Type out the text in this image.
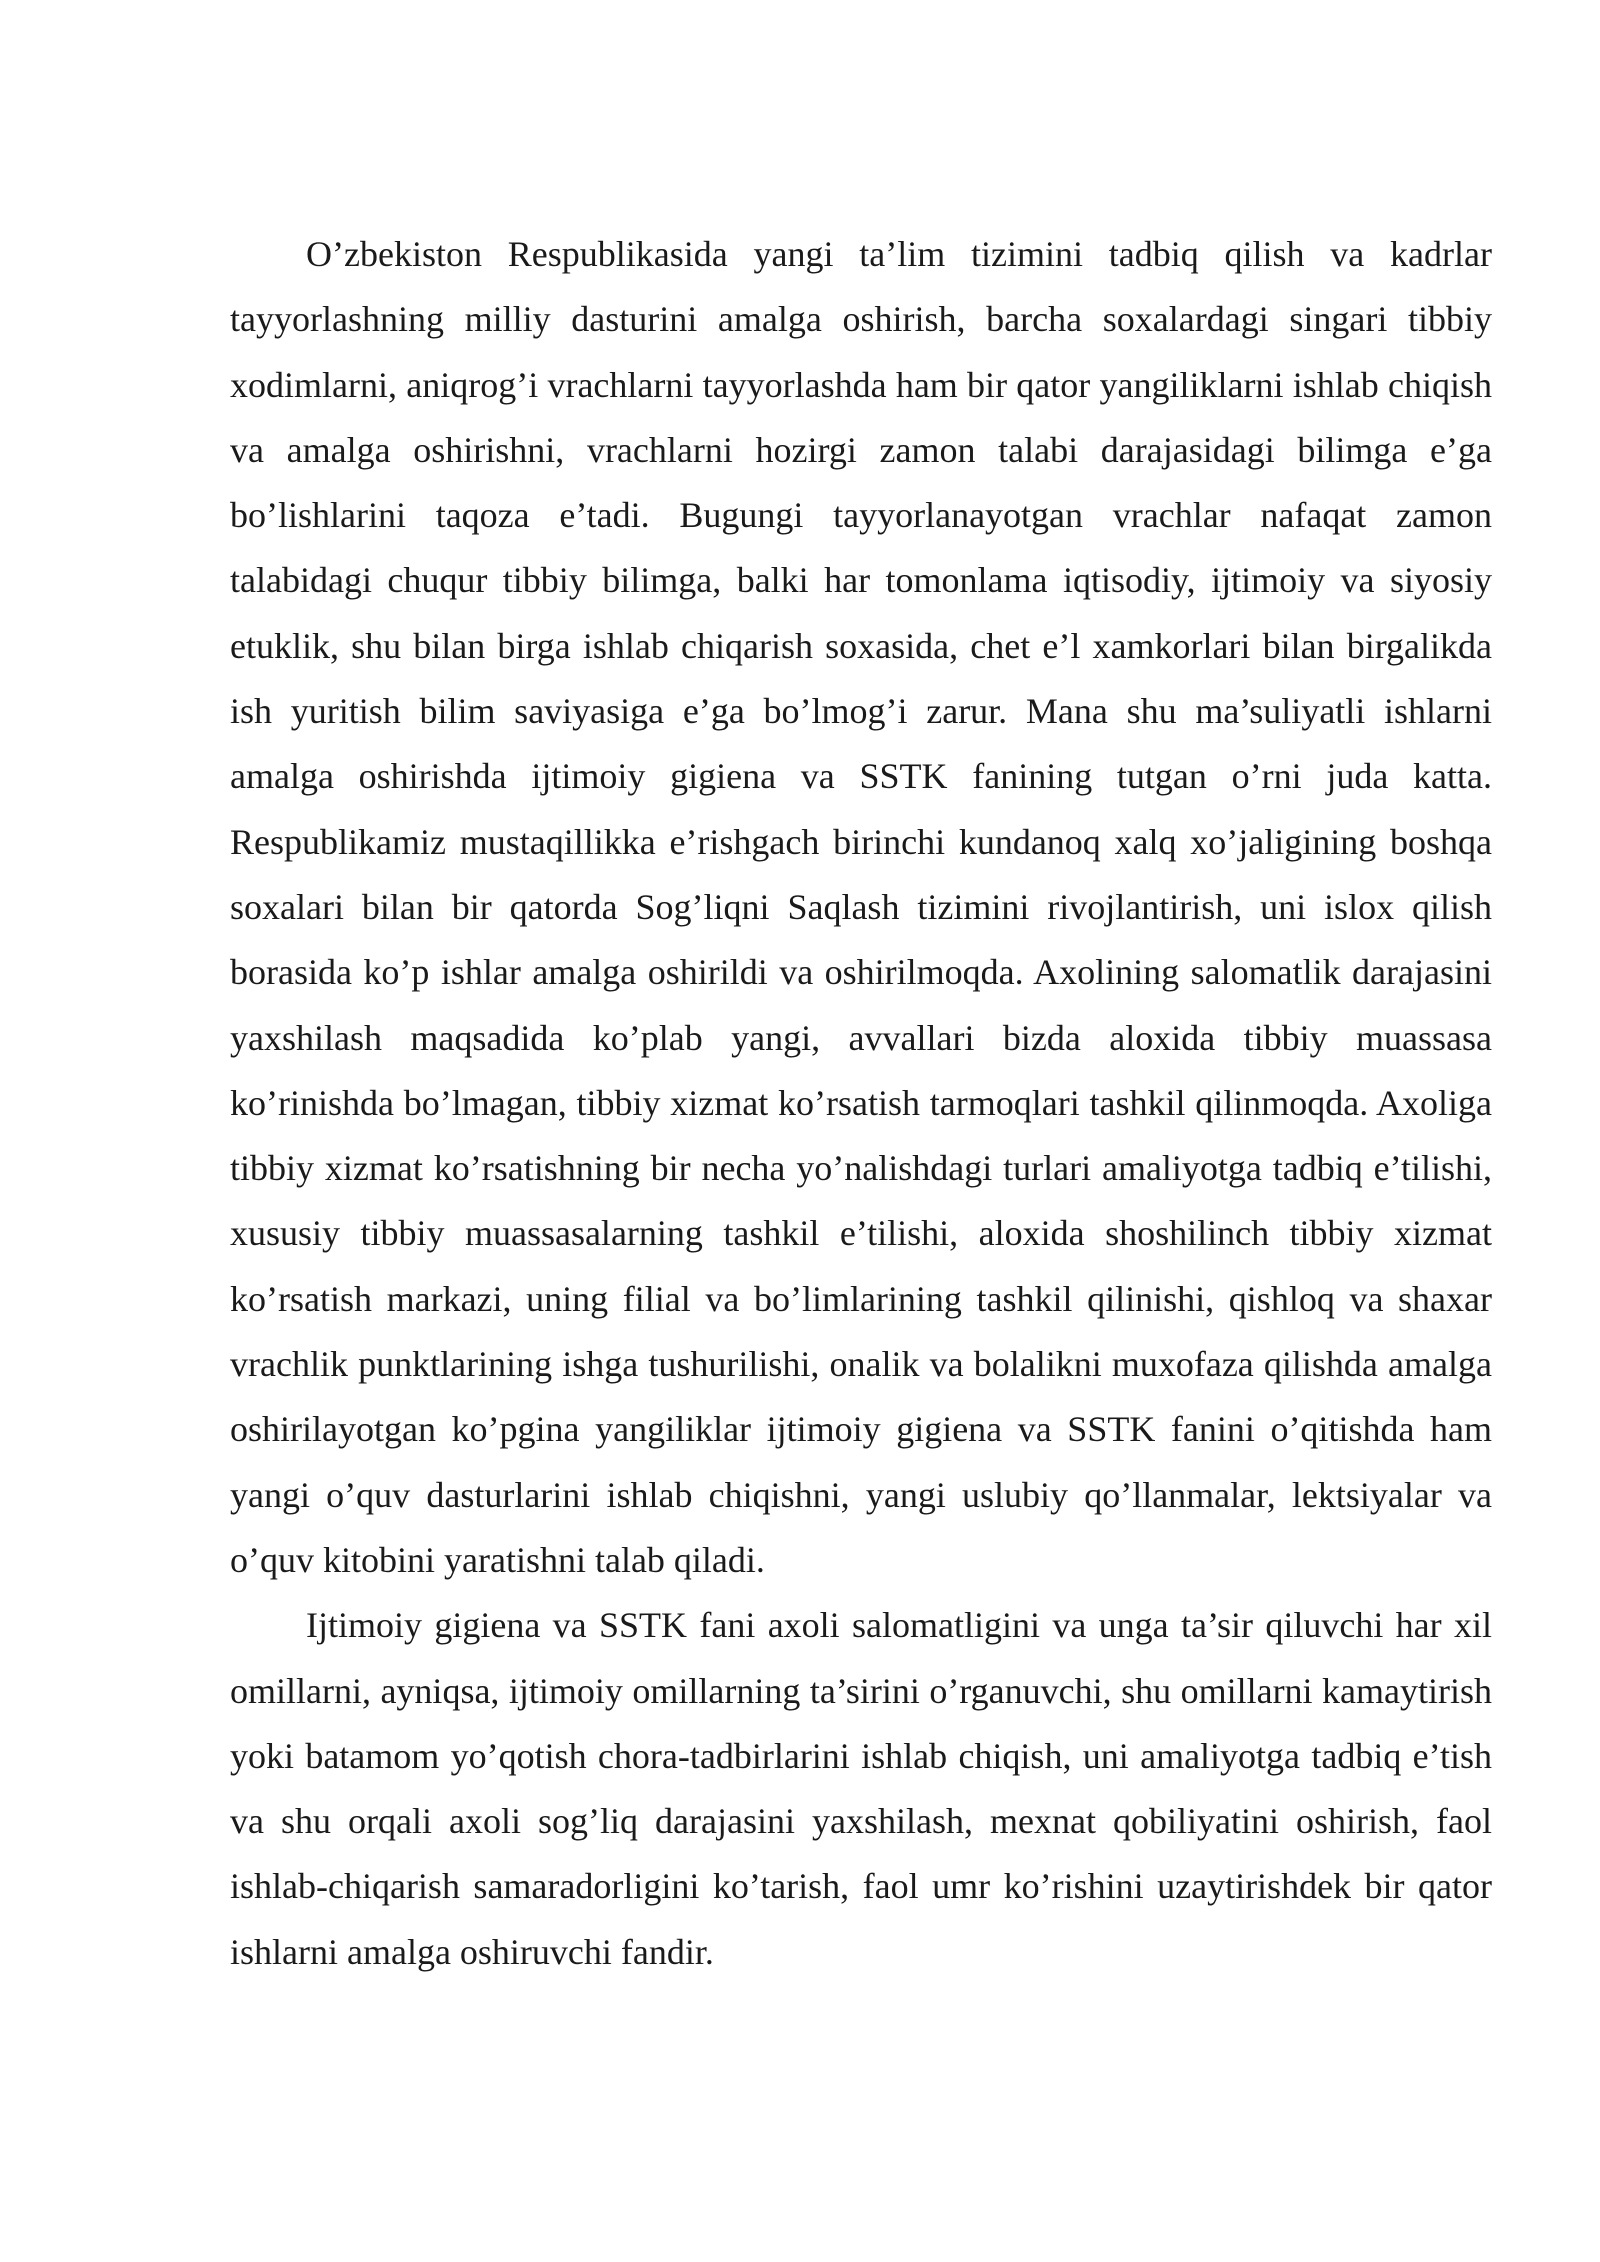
O’zbekiston Respublikasida yangi ta’lim tizimini tadbiq qilish va kadrlar tayyorlashning milliy dasturini amalga oshirish, barcha soxalardagi singari tibbiy xodimlarni, aniqrog’i vrachlarni tayyorlashda ham bir qator yangiliklarni ishlab chiqish va amalga oshirishni, vrachlarni hozirgi zamon talabi darajasidagi bilimga e’ga bo’lishlarini taqoza e’tadi. Bugungi tayyorlanayotgan vrachlar nafaqat zamon talabidagi chuqur tibbiy bilimga, balki har tomonlama iqtisodiy, ijtimoiy va siyosiy etuklik, shu bilan birga ishlab chiqarish soxasida, chet e’l xamkorlari bilan birgalikda ish yuritish bilim saviyasiga e’ga bo’lmog’i zarur. Mana shu ma’suliyatli ishlarni amalga oshirishda ijtimoiy gigiena va SSTK fanining tutgan o’rni juda katta. Respublikamiz mustaqillikka e’rishgach birinchi kundanoq xalq xo’jaligining boshqa soxalari bilan bir qatorda Sog’liqni Saqlash tizimini rivojlantirish, uni islox qilish borasida ko’p ishlar amalga oshirildi va oshirilmoqda. Axolining salomatlik darajasini yaxshilash maqsadida ko’plab yangi, avvallari bizda aloxida tibbiy muassasa ko’rinishda bo’lmagan, tibbiy xizmat ko’rsatish tarmoqlari tashkil qilinmoqda. Axoliga tibbiy xizmat ko’rsatishning bir necha yo’nalishdagi turlari amaliyotga tadbiq e’tilishi, xususiy tibbiy muassasalarning tashkil e’tilishi, aloxida shoshilinch tibbiy xizmat ko’rsatish markazi, uning filial va bo’limlarining tashkil qilinishi, qishloq va shaxar vrachlik punktlarining ishga tushurilishi, onalik va bolalikni muxofaza qilishda amalga oshirilayotgan ko’pgina yangiliklar ijtimoiy gigiena va SSTK fanini o’qitishda ham yangi o’quv dasturlarini ishlab chiqishni, yangi uslubiy qo’llanmalar, lektsiyalar va o’quv kitobini yaratishni talab qiladi.

Ijtimoiy gigiena va SSTK fani axoli salomatligini va unga ta’sir qiluvchi har xil omillarni, ayniqsa, ijtimoiy omillarning ta’sirini o’rganuvchi, shu omillarni kamaytirish yoki batamom yo’qotish chora-tadbirlarini ishlab chiqish, uni amaliyotga tadbiq e’tish va shu orqali axoli sog’liq darajasini yaxshilash, mexnat qobiliyatini oshirish, faol ishlab-chiqarish samaradorligini ko’tarish, faol umr ko’rishini uzaytirishdek bir qator ishlarni amalga oshiruvchi fandir.
